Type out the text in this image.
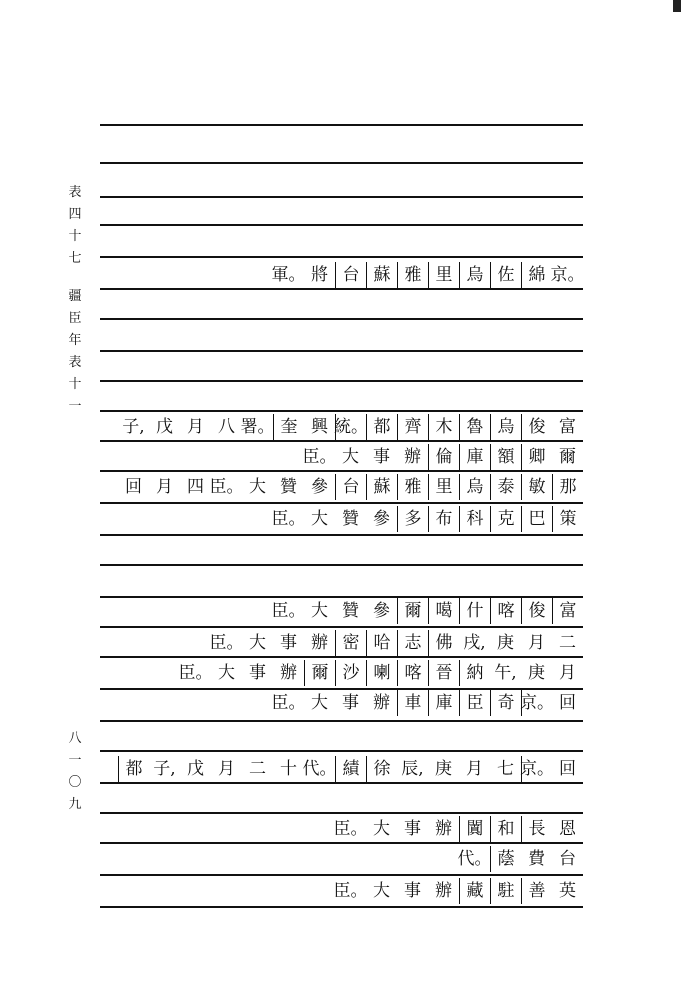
表
四
十
七
疆
臣
年
表
十
一
八
一
〇
九
京。
綿
佐
烏
里
雅
蘇
台
將
軍。
富
俊
烏
魯
木
齊
都
統。
興
奎
署。
八
月
戊
子,
爾
卿
額
庫
倫
辦
事
大
臣。
那
敏
泰
烏
里
雅
蘇
台
參
贊
大
臣。
四
月
回
策
巴
克
科
布
多
參
贊
大
臣。
富
俊
喀
什
噶
爾
參
贊
大
臣。
二
月
庚
戌,
佛
志
哈
密
辦
事
大
臣。
月
庚
午,
納
晉
喀
喇
沙
爾
辦
事
大
臣。
回
京。
奇
臣
庫
車
辦
事
大
臣。
回
京。
七
月
庚
辰,
徐
績
代。
十
二
月
戊
子,
都
恩
長
和
闐
辦
事
大
臣。
台
費
蔭
代。
英
善
駐
藏
辦
事
大
臣。
